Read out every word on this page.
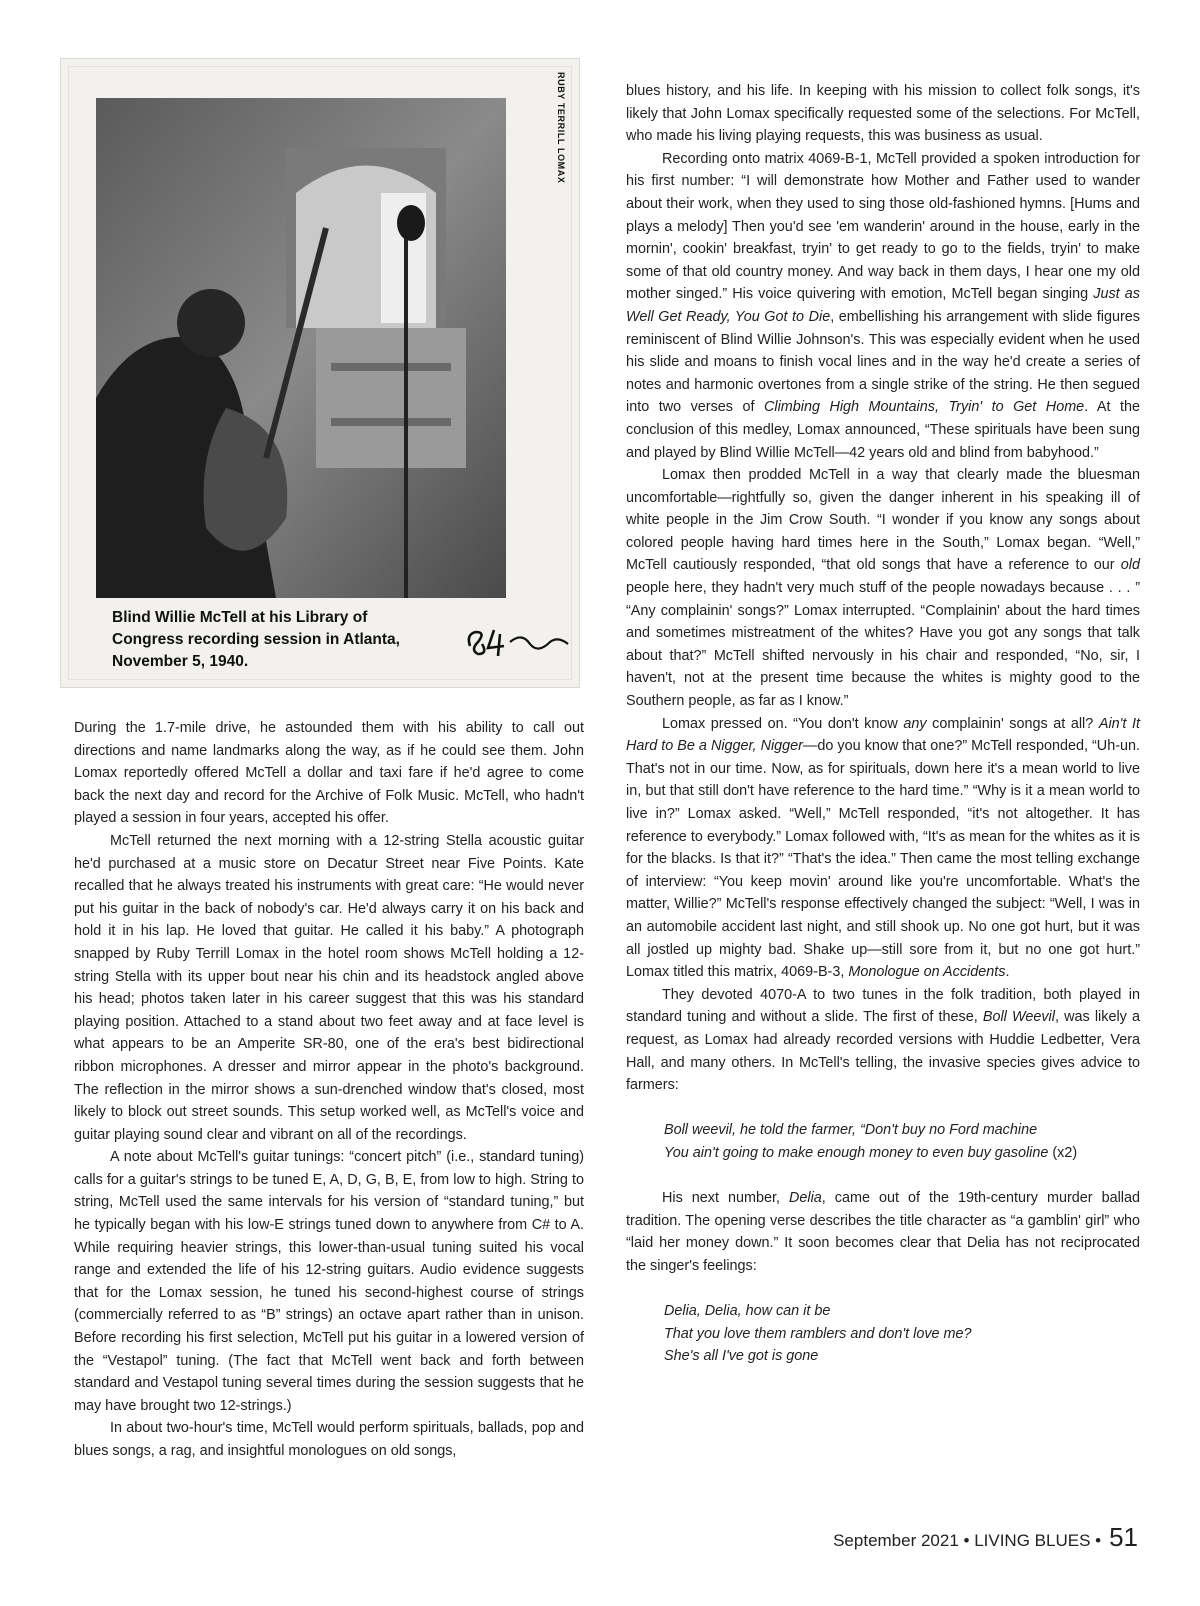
RUBY TERRILL LOMAX

Blind Willie McTell at his Library of

Congress recording session in Atlanta,

November 5, 1940.

During the 1.7-mile drive, he astounded them with his ability to call out directions and name landmarks along the way, as if he could see them. John Lomax reportedly offered McTell a dollar and taxi fare if he'd agree to come back the next day and record for the Archive of Folk Music. McTell, who hadn't played a session in four years, accepted his offer.

McTell returned the next morning with a 12-string Stella acoustic guitar he'd purchased at a music store on Decatur Street near Five Points. Kate recalled that he always treated his instruments with great care: “He would never put his guitar in the back of nobody's car. He'd always carry it on his back and hold it in his lap. He loved that guitar. He called it his baby.” A photograph snapped by Ruby Terrill Lomax in the hotel room shows McTell holding a 12-string Stella with its upper bout near his chin and its headstock angled above his head; photos taken later in his career suggest that this was his standard playing position. Attached to a stand about two feet away and at face level is what appears to be an Amperite SR-80, one of the era's best bidirectional ribbon microphones. A dresser and mirror appear in the photo's background. The reflection in the mirror shows a sun-drenched window that's closed, most likely to block out street sounds. This setup worked well, as McTell's voice and guitar playing sound clear and vibrant on all of the recordings.

A note about McTell's guitar tunings: “concert pitch” (i.e., standard tuning) calls for a guitar's strings to be tuned E, A, D, G, B, E, from low to high. String to string, McTell used the same intervals for his version of “standard tuning,” but he typically began with his low-E strings tuned down to anywhere from C# to A. While requiring heavier strings, this lower-than-usual tuning suited his vocal range and extended the life of his 12-string guitars. Audio evidence suggests that for the Lomax session, he tuned his second-highest course of strings (commercially referred to as “B” strings) an octave apart rather than in unison. Before recording his first selection, McTell put his guitar in a lowered version of the “Vestapol” tuning. (The fact that McTell went back and forth between standard and Vestapol tuning several times during the session suggests that he may have brought two 12-strings.)

In about two-hour's time, McTell would perform spirituals, ballads, pop and blues songs, a rag, and insightful monologues on old songs,

blues history, and his life. In keeping with his mission to collect folk songs, it's likely that John Lomax specifically requested some of the selections. For McTell, who made his living playing requests, this was business as usual.

Recording onto matrix 4069-B-1, McTell provided a spoken introduction for his first number: “I will demonstrate how Mother and Father used to wander about their work, when they used to sing those old-fashioned hymns. [Hums and plays a melody] Then you'd see 'em wanderin' around in the house, early in the mornin', cookin' breakfast, tryin' to get ready to go to the fields, tryin' to make some of that old country money. And way back in them days, I hear one my old mother singed.” His voice quivering with emotion, McTell began singing Just as Well Get Ready, You Got to Die, embellishing his arrangement with slide figures reminiscent of Blind Willie Johnson's. This was especially evident when he used his slide and moans to finish vocal lines and in the way he'd create a series of notes and harmonic overtones from a single strike of the string. He then segued into two verses of Climbing High Mountains, Tryin' to Get Home. At the conclusion of this medley, Lomax announced, “These spirituals have been sung and played by Blind Willie McTell—42 years old and blind from babyhood.”

Lomax then prodded McTell in a way that clearly made the bluesman uncomfortable—rightfully so, given the danger inherent in his speaking ill of white people in the Jim Crow South. “I wonder if you know any songs about colored people having hard times here in the South,” Lomax began. “Well,” McTell cautiously responded, “that old songs that have a reference to our old people here, they hadn't very much stuff of the people nowadays because . . . ” “Any complainin' songs?” Lomax interrupted. “Complainin' about the hard times and sometimes mistreatment of the whites? Have you got any songs that talk about that?” McTell shifted nervously in his chair and responded, “No, sir, I haven't, not at the present time because the whites is mighty good to the Southern people, as far as I know.”

Lomax pressed on. “You don't know any complainin' songs at all? Ain't It Hard to Be a Nigger, Nigger—do you know that one?” McTell responded, “Uh-un. That's not in our time. Now, as for spirituals, down here it's a mean world to live in, but that still don't have reference to the hard time.” “Why is it a mean world to live in?” Lomax asked. “Well,” McTell responded, “it's not altogether. It has reference to everybody.” Lomax followed with, “It's as mean for the whites as it is for the blacks. Is that it?” “That's the idea.” Then came the most telling exchange of interview: “You keep movin' around like you're uncomfortable. What's the matter, Willie?” McTell's response effectively changed the subject: “Well, I was in an automobile accident last night, and still shook up. No one got hurt, but it was all jostled up mighty bad. Shake up—still sore from it, but no one got hurt.” Lomax titled this matrix, 4069-B-3, Monologue on Accidents.

They devoted 4070-A to two tunes in the folk tradition, both played in standard tuning and without a slide. The first of these, Boll Weevil, was likely a request, as Lomax had already recorded versions with Huddie Ledbetter, Vera Hall, and many others. In McTell's telling, the invasive species gives advice to farmers:

Boll weevil, he told the farmer, “Don't buy no Ford machine

You ain't going to make enough money to even buy gasoline (x2)

His next number, Delia, came out of the 19th-century murder ballad tradition. The opening verse describes the title character as “a gamblin' girl” who “laid her money down.” It soon becomes clear that Delia has not reciprocated the singer's feelings:

Delia, Delia, how can it be

That you love them ramblers and don't love me?

She's all I've got is gone

September 2021 • LIVING BLUES • 51
